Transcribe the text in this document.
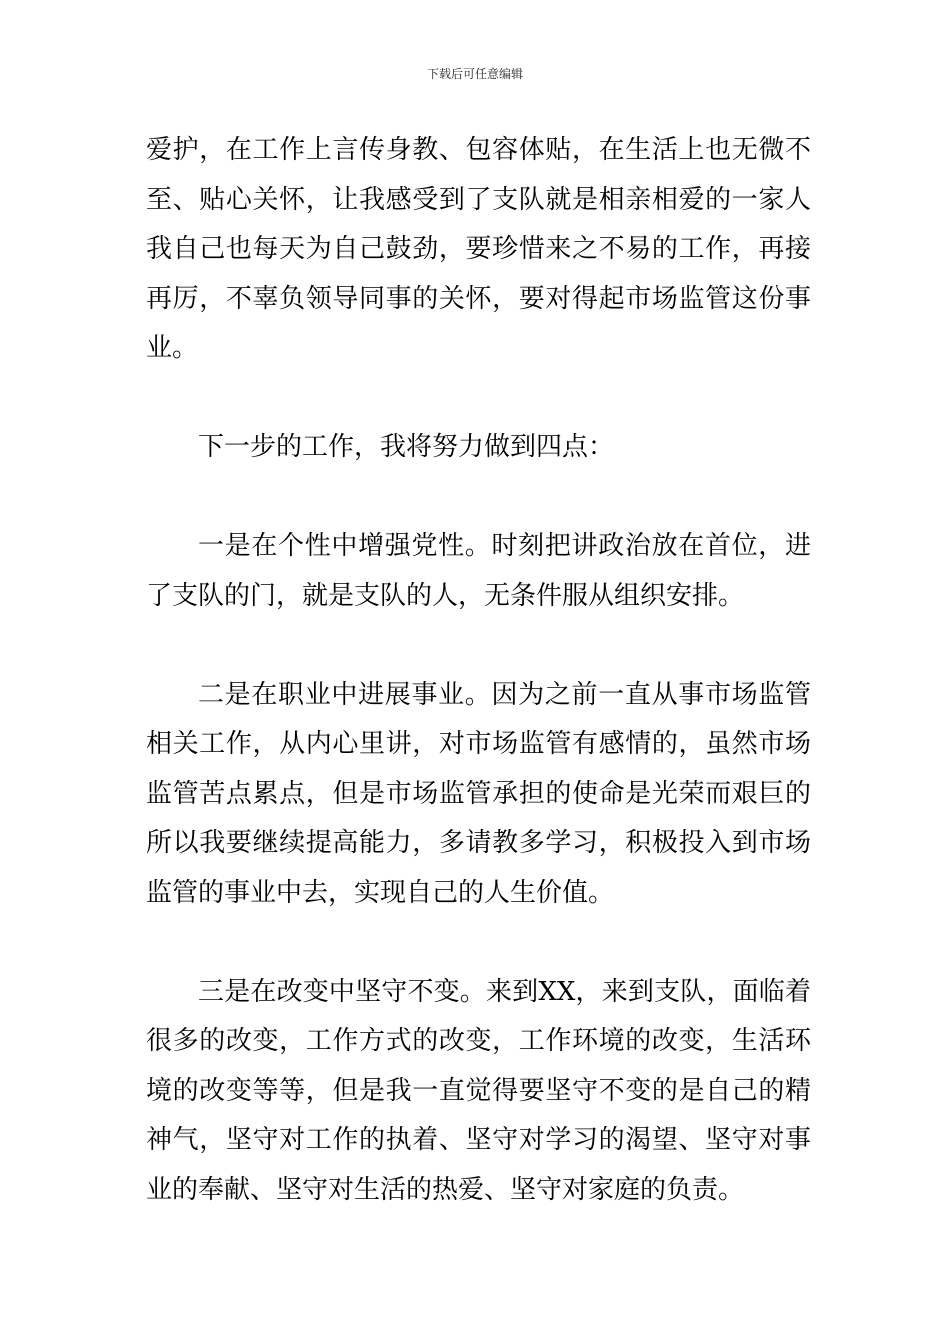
下载后可任意编辑

爱护，在工作上言传身教、包容体贴，在生活上也无微不至、贴心关怀，让我感受到了支队就是相亲相爱的一家人我自己也每天为自己鼓劲，要珍惜来之不易的工作，再接再厉，不辜负领导同事的关怀，要对得起市场监管这份事业。

下一步的工作，我将努力做到四点：

一是在个性中增强党性。时刻把讲政治放在首位，进了支队的门，就是支队的人，无条件服从组织安排。

二是在职业中进展事业。因为之前一直从事市场监管相关工作，从内心里讲，对市场监管有感情的，虽然市场监管苦点累点，但是市场监管承担的使命是光荣而艰巨的所以我要继续提高能力，多请教多学习，积极投入到市场监管的事业中去，实现自己的人生价值。

三是在改变中坚守不变。来到XX，来到支队，面临着很多的改变，工作方式的改变，工作环境的改变，生活环境的改变等等，但是我一直觉得要坚守不变的是自己的精神气，坚守对工作的执着、坚守对学习的渴望、坚守对事业的奉献、坚守对生活的热爱、坚守对家庭的负责。
